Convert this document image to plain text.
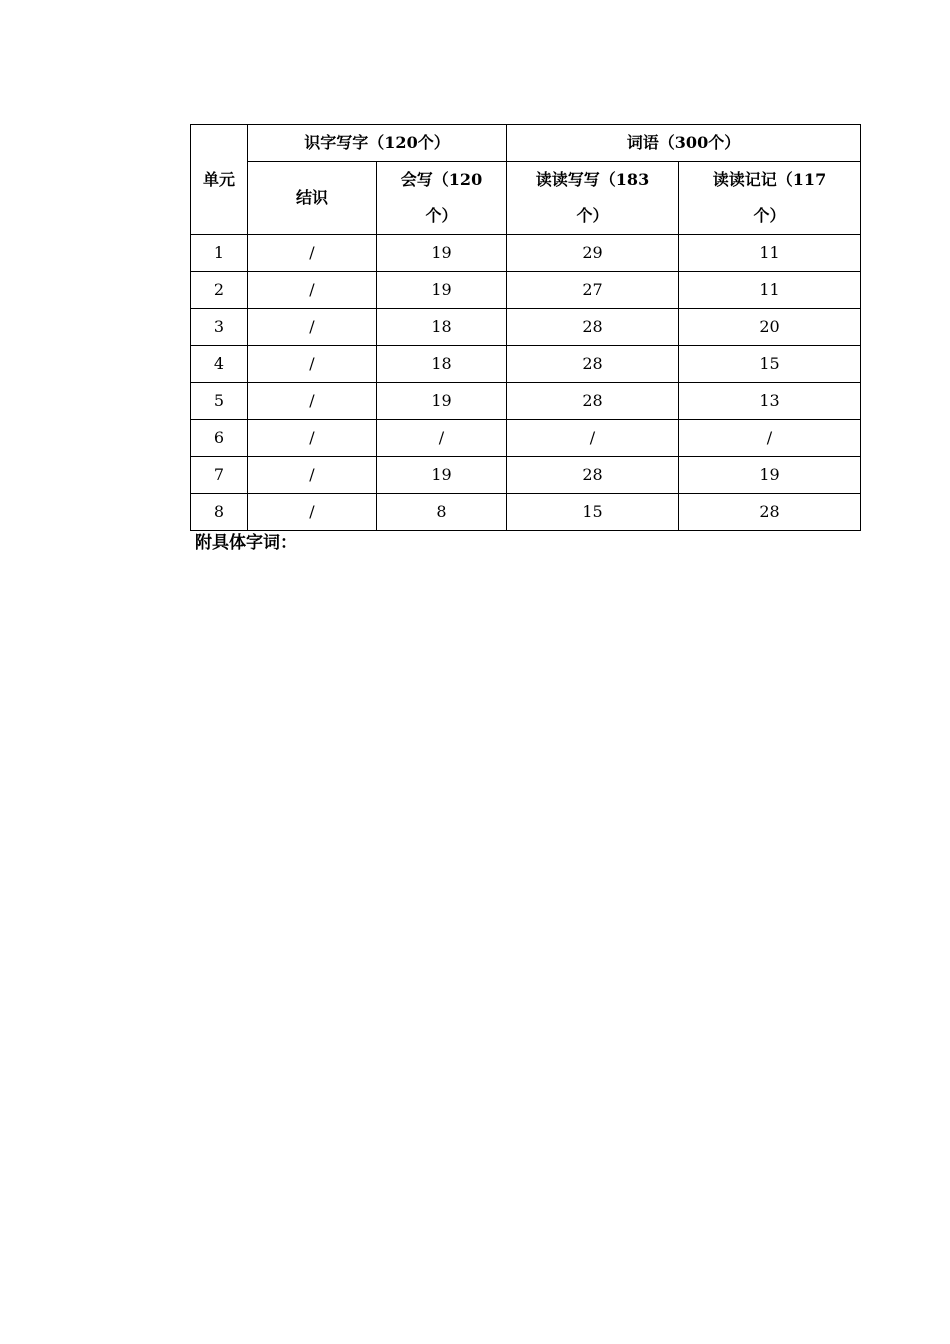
单元	识字写字（120个）		词语（300个）	
	结识	会写（120个）	读读写写（183个）	读读记记（117个）
1	/	19	29	11
2	/	19	27	11
3	/	18	28	20
4	/	18	28	15
5	/	19	28	13
6	/	/	/	/
7	/	19	28	19
8	/	8	15	28
附具体字词：
